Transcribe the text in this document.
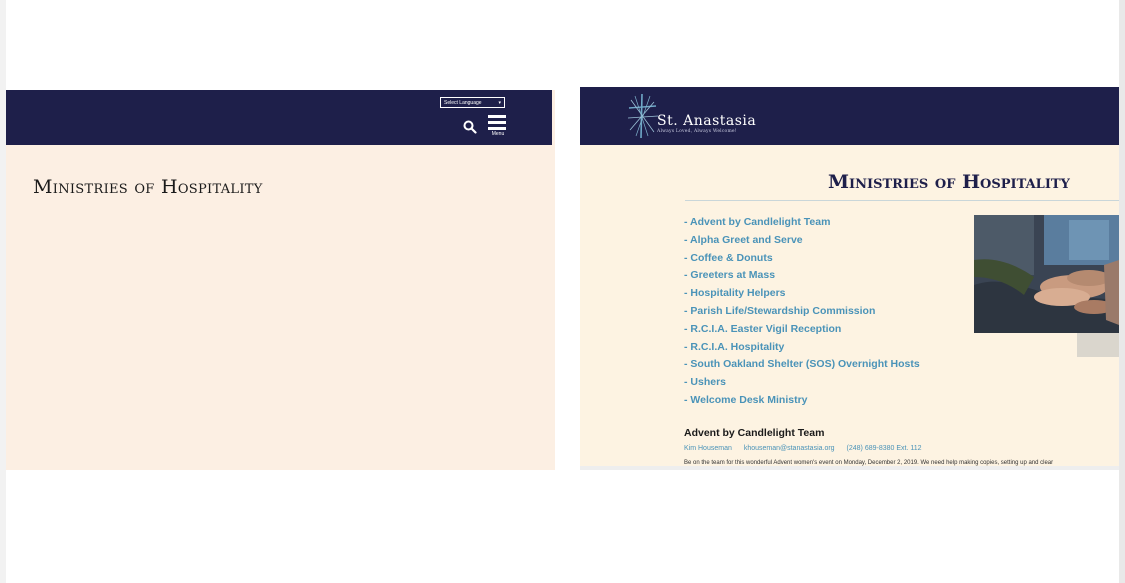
Select Language	▾
Menu
Ministries of Hospitality
St. Anastasia
Always Loved, Always Welcome!
Ministries of Hospitality
- Advent by Candlelight Team
- Alpha Greet and Serve
- Coffee & Donuts
- Greeters at Mass
- Hospitality Helpers
- Parish Life/Stewardship Commission
- R.C.I.A. Easter Vigil Reception
- R.C.I.A. Hospitality
- South Oakland Shelter (SOS) Overnight Hosts
- Ushers
- Welcome Desk Ministry
Advent by Candlelight Team
Kim Houseman khouseman@stanastasia.org (248) 689-8380 Ext. 112
Be on the team for this wonderful Advent women's event on Monday, December 2, 2019. We need help making copies, setting up and clear
